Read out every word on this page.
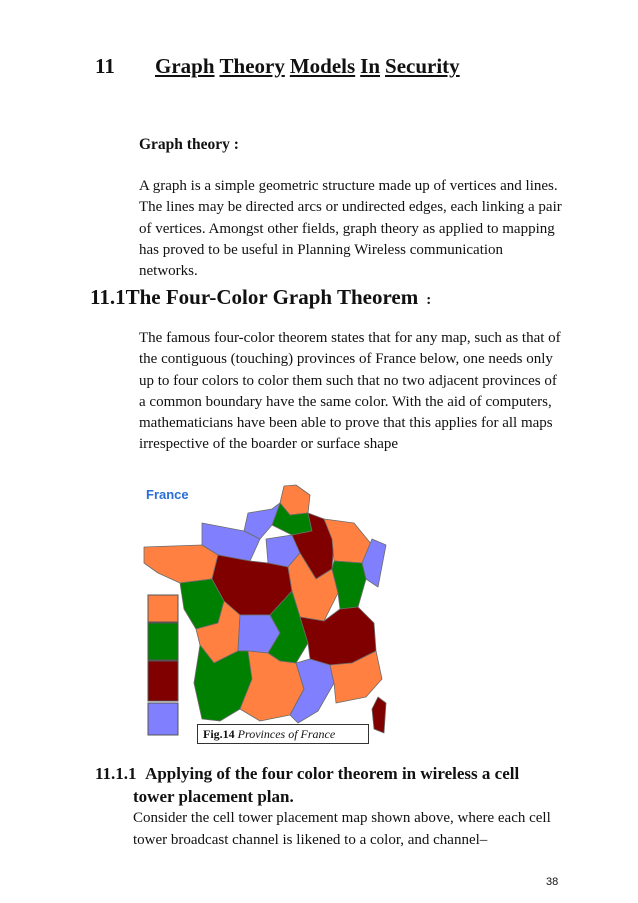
11 Graph Theory Models In Security
Graph theory :
A graph is a simple geometric structure made up of vertices and lines. The lines may be directed arcs or undirected edges, each linking a pair of vertices. Amongst other fields, graph theory as applied to mapping has proved to be useful in Planning Wireless communication networks.
11.1The Four-Color Graph Theorem :
The famous four-color theorem states that for any map, such as that of the contiguous (touching) provinces of France below, one needs only up to four colors to color them such that no two adjacent provinces of a common boundary have the same color. With the aid of computers, mathematicians have been able to prove that this applies for all maps irrespective of the boarder or surface shape
France
Fig.14 Provinces of France
11.1.1 Applying of the four color theorem in wireless a cell
tower placement plan.
Consider the cell tower placement map shown above, where each cell tower broadcast channel is likened to a color, and channel–
38
